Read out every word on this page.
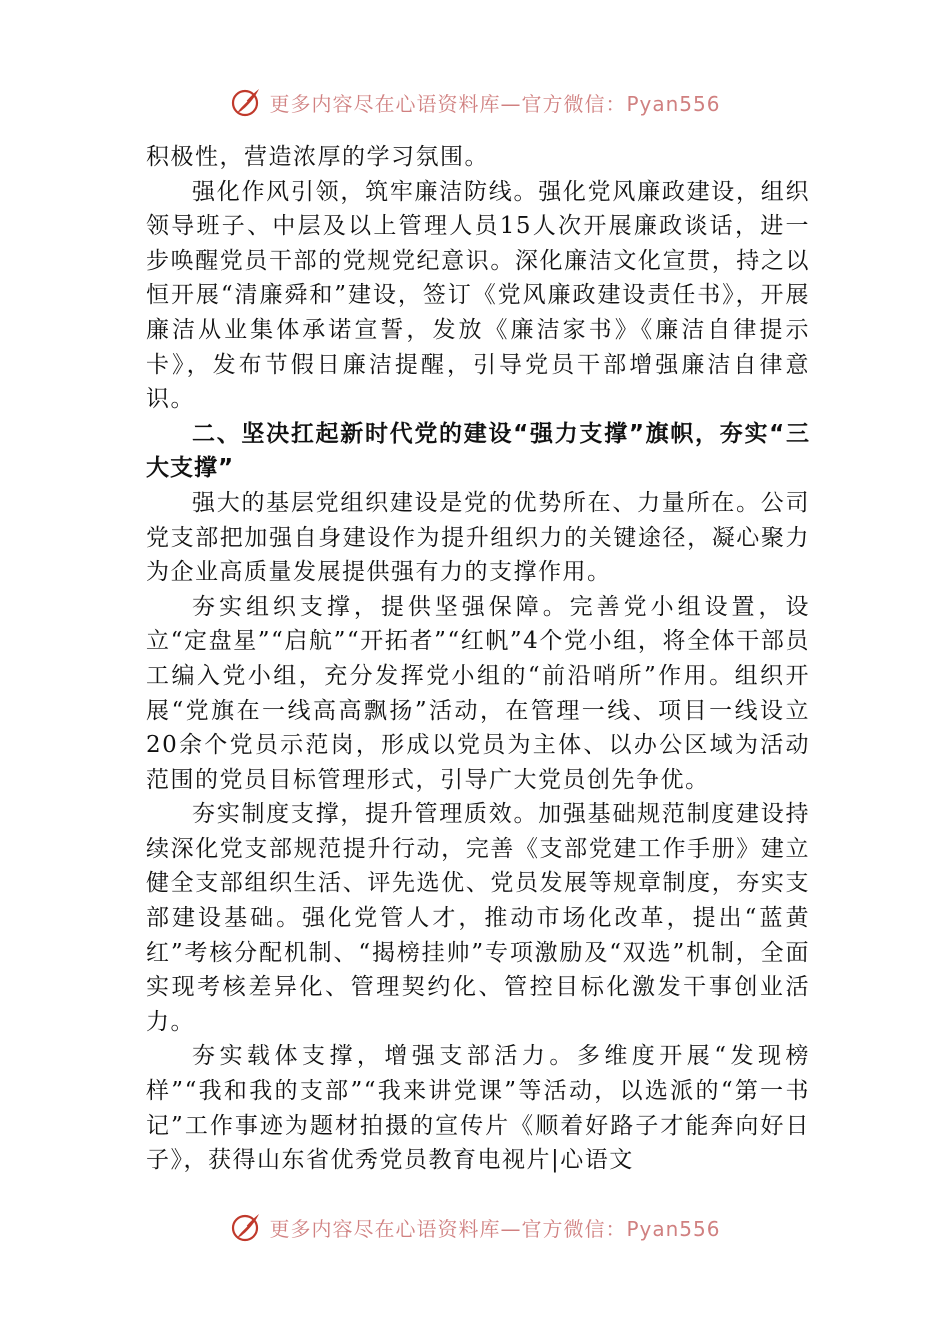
更多内容尽在心语资料库—官方微信：Pyan556

积极性，营造浓厚的学习氛围。

强化作风引领，筑牢廉洁防线。强化党风廉政建设，组织领导班子、中层及以上管理人员15人次开展廉政谈话，进一步唤醒党员干部的党规党纪意识。深化廉洁文化宣贯，持之以恒开展“清廉舜和”建设，签订《党风廉政建设责任书》，开展廉洁从业集体承诺宣誓，发放《廉洁家书》《廉洁自律提示卡》，发布节假日廉洁提醒，引导党员干部增强廉洁自律意识。

二、坚决扛起新时代党的建设“强力支撑”旗帜，夯实“三大支撑”

强大的基层党组织建设是党的优势所在、力量所在。公司党支部把加强自身建设作为提升组织力的关键途径，凝心聚力为企业高质量发展提供强有力的支撑作用。

夯实组织支撑，提供坚强保障。完善党小组设置，设立“定盘星”“启航”“开拓者”“红帆”4个党小组，将全体干部员工编入党小组，充分发挥党小组的“前沿哨所”作用。组织开展“党旗在一线高高飘扬”活动，在管理一线、项目一线设立20余个党员示范岗，形成以党员为主体、以办公区域为活动范围的党员目标管理形式，引导广大党员创先争优。

夯实制度支撑，提升管理质效。加强基础规范制度建设持续深化党支部规范提升行动，完善《支部党建工作手册》建立健全支部组织生活、评先选优、党员发展等规章制度，夯实支部建设基础。强化党管人才，推动市场化改革，提出“蓝黄红”考核分配机制、“揭榜挂帅”专项激励及“双选”机制，全面实现考核差异化、管理契约化、管控目标化激发干事创业活力。

夯实载体支撑，增强支部活力。多维度开展“发现榜样”“我和我的支部”“我来讲党课”等活动，以选派的“第一书记”工作事迹为题材拍摄的宣传片《顺着好路子才能奔向好日子》，获得山东省优秀党员教育电视片|心语文

更多内容尽在心语资料库—官方微信：Pyan556
